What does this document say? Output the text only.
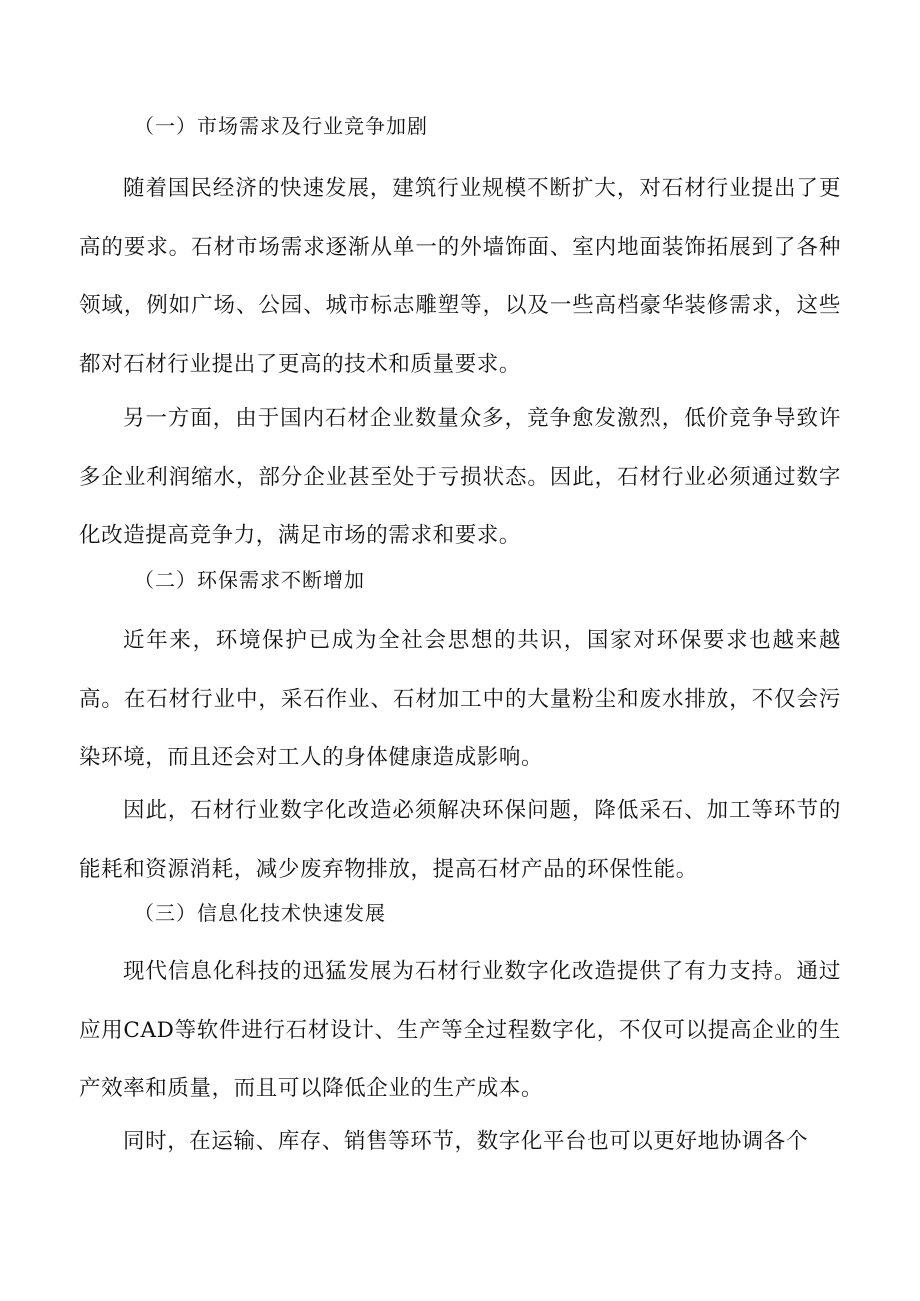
（一）市场需求及行业竞争加剧
随着国民经济的快速发展，建筑行业规模不断扩大，对石材行业提出了更高的要求。石材市场需求逐渐从单一的外墙饰面、室内地面装饰拓展到了各种领域，例如广场、公园、城市标志雕塑等，以及一些高档豪华装修需求，这些都对石材行业提出了更高的技术和质量要求。
另一方面，由于国内石材企业数量众多，竞争愈发激烈，低价竞争导致许多企业利润缩水，部分企业甚至处于亏损状态。因此，石材行业必须通过数字化改造提高竞争力，满足市场的需求和要求。
（二）环保需求不断增加
近年来，环境保护已成为全社会思想的共识，国家对环保要求也越来越高。在石材行业中，采石作业、石材加工中的大量粉尘和废水排放，不仅会污染环境，而且还会对工人的身体健康造成影响。
因此，石材行业数字化改造必须解决环保问题，降低采石、加工等环节的能耗和资源消耗，减少废弃物排放，提高石材产品的环保性能。
（三）信息化技术快速发展
现代信息化科技的迅猛发展为石材行业数字化改造提供了有力支持。通过应用CAD等软件进行石材设计、生产等全过程数字化，不仅可以提高企业的生产效率和质量，而且可以降低企业的生产成本。
同时，在运输、库存、销售等环节，数字化平台也可以更好地协调各个
